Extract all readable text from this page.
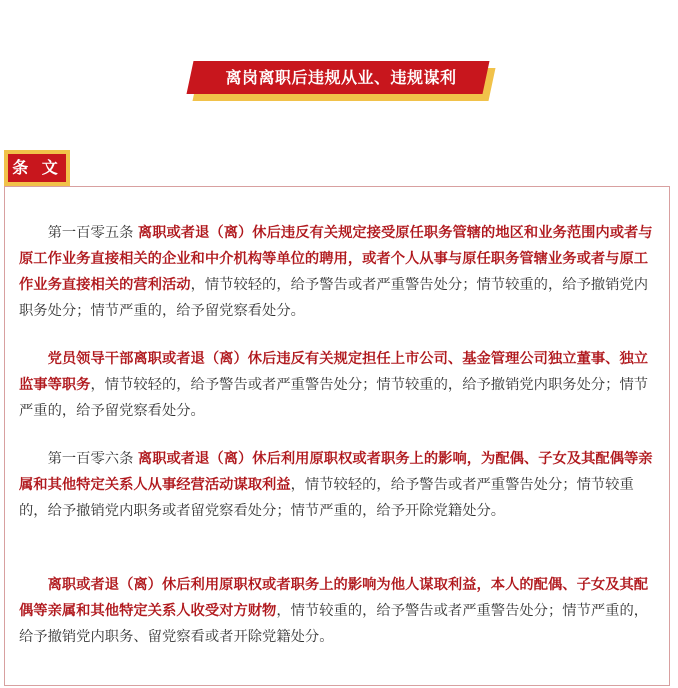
离岗离职后违规从业、违规谋利
条 文

第一百零五条 离职或者退（离）休后违反有关规定接受原任职务管辖的地区和业务范围内或者与原工作业务直接相关的企业和中介机构等单位的聘用，或者个人从事与原任职务管辖业务或者与原工作业务直接相关的营利活动，情节较轻的，给予警告或者严重警告处分；情节较重的，给予撤销党内职务处分；情节严重的，给予留党察看处分。

党员领导干部离职或者退（离）休后违反有关规定担任上市公司、基金管理公司独立董事、独立监事等职务，情节较轻的，给予警告或者严重警告处分；情节较重的，给予撤销党内职务处分；情节严重的，给予留党察看处分。

第一百零六条 离职或者退（离）休后利用原职权或者职务上的影响，为配偶、子女及其配偶等亲属和其他特定关系人从事经营活动谋取利益，情节较轻的，给予警告或者严重警告处分；情节较重的，给予撤销党内职务或者留党察看处分；情节严重的，给予开除党籍处分。

离职或者退（离）休后利用原职权或者职务上的影响为他人谋取利益，本人的配偶、子女及其配偶等亲属和其他特定关系人收受对方财物，情节较重的，给予警告或者严重警告处分；情节严重的，给予撤销党内职务、留党察看或者开除党籍处分。
